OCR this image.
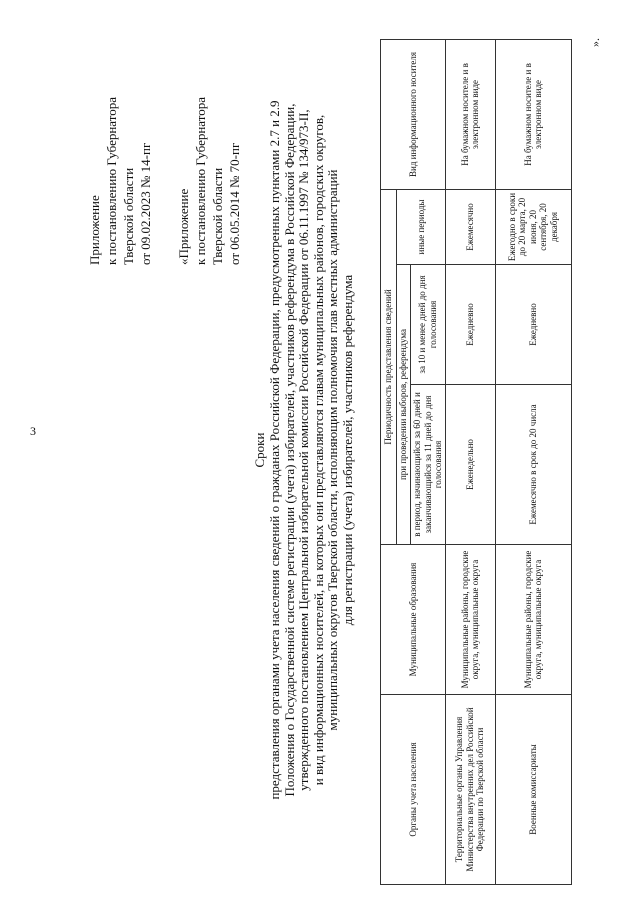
3
Приложение к постановлению Губернатора Тверской области от 09.02.2023 № 14-пг «Приложение к постановлению Губернатора Тверской области от 06.05.2014 № 70-пг
Сроки представления органами учета населения сведений о гражданах Российской Федерации, предусмотренных пунктами 2.7 и 2.9 Положения о Государственной системе регистрации (учета) избирателей, участников референдума в Российской Федерации, утвержденного постановлением Центральной избирательной комиссии Российской Федерации от 06.11.1997 № 134/973-II, и вид информационных носителей, на которых они представляются главам муниципальных районов, городских округов, муниципальных округов Тверской области, исполняющим полномочия глав местных администраций для регистрации (учета) избирателей, участников референдума
Органы учета населения	Муниципальные образования	Периодичность представления сведений			Вид информационного носителя
		при проведении выборов, референдума		иные периоды	
		в период, начинающийся за 60 дней и заканчивающийся за 11 дней до дня голосования	за 10 и менее дней до дня голосования		
Территориальные органы Управления Министерства внутренних дел Российской Федерации по Тверской области	Муниципальные районы, городские округа, муниципальные округа	Еженедельно	Ежедневно	Ежемесячно	На бумажном носителе и в электронном виде
Военные комиссариаты	Муниципальные районы, городские округа, муниципальные округа	Ежемесячно в срок до 20 числа	Ежедневно	Ежегодно в сроки до 20 марта, 20 июня, 20 сентября, 20 декабря	На бумажном носителе и в электронном виде
».
